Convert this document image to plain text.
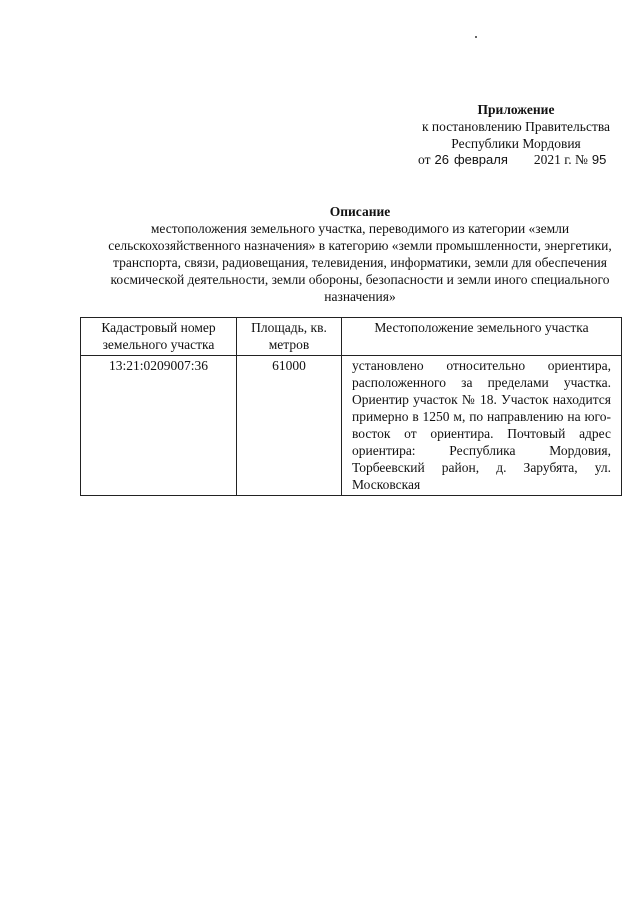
Приложение
к постановлению Правительства
Республики Мордовия
от 26 февраля 2021 г. № 95
Описание
местоположения земельного участка, переводимого из категории «земли сельскохозяйственного назначения» в категорию «земли промышленности, энергетики, транспорта, связи, радиовещания, телевидения, информатики, земли для обеспечения космической деятельности, земли обороны, безопасности и земли иного специального назначения»
Кадастровый номер земельного участка	Площадь, кв. метров	Местоположение земельного участка
13:21:0209007:36	61000	установлено относительно ориентира, расположенного за пределами участка. Ориентир участок № 18. Участок находится примерно в 1250 м, по направлению на юго-восток от ориентира. Почтовый адрес ориентира: Республика Мордовия, Торбеевский район, д. Зарубята, ул. Московская
